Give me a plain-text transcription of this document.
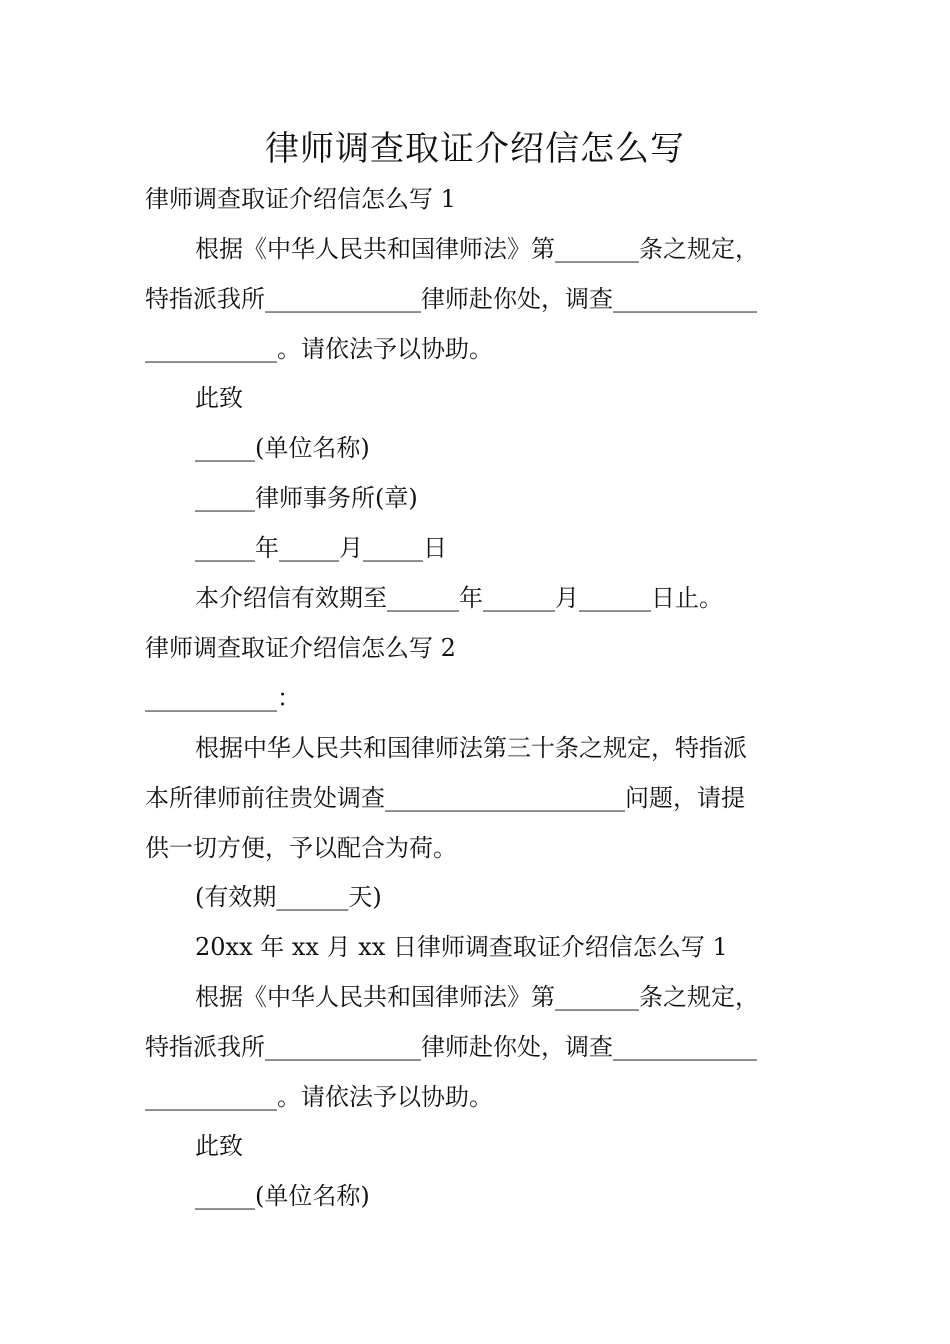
律师调查取证介绍信怎么写
律师调查取证介绍信怎么写 1
根据《中华人民共和国律师法》第_______条之规定，
特指派我所_____________律师赴你处，调查____________
___________。请依法予以协助。
此致
_____(单位名称)
_____律师事务所(章)
_____年_____月_____日
本介绍信有效期至______年______月______日止。
律师调查取证介绍信怎么写 2
___________：
根据中华人民共和国律师法第三十条之规定，特指派
本所律师前往贵处调查____________________问题，请提
供一切方便，予以配合为荷。
(有效期______天)
20xx 年 xx 月 xx 日律师调查取证介绍信怎么写 1
根据《中华人民共和国律师法》第_______条之规定，
特指派我所_____________律师赴你处，调查____________
___________。请依法予以协助。
此致
_____(单位名称)
